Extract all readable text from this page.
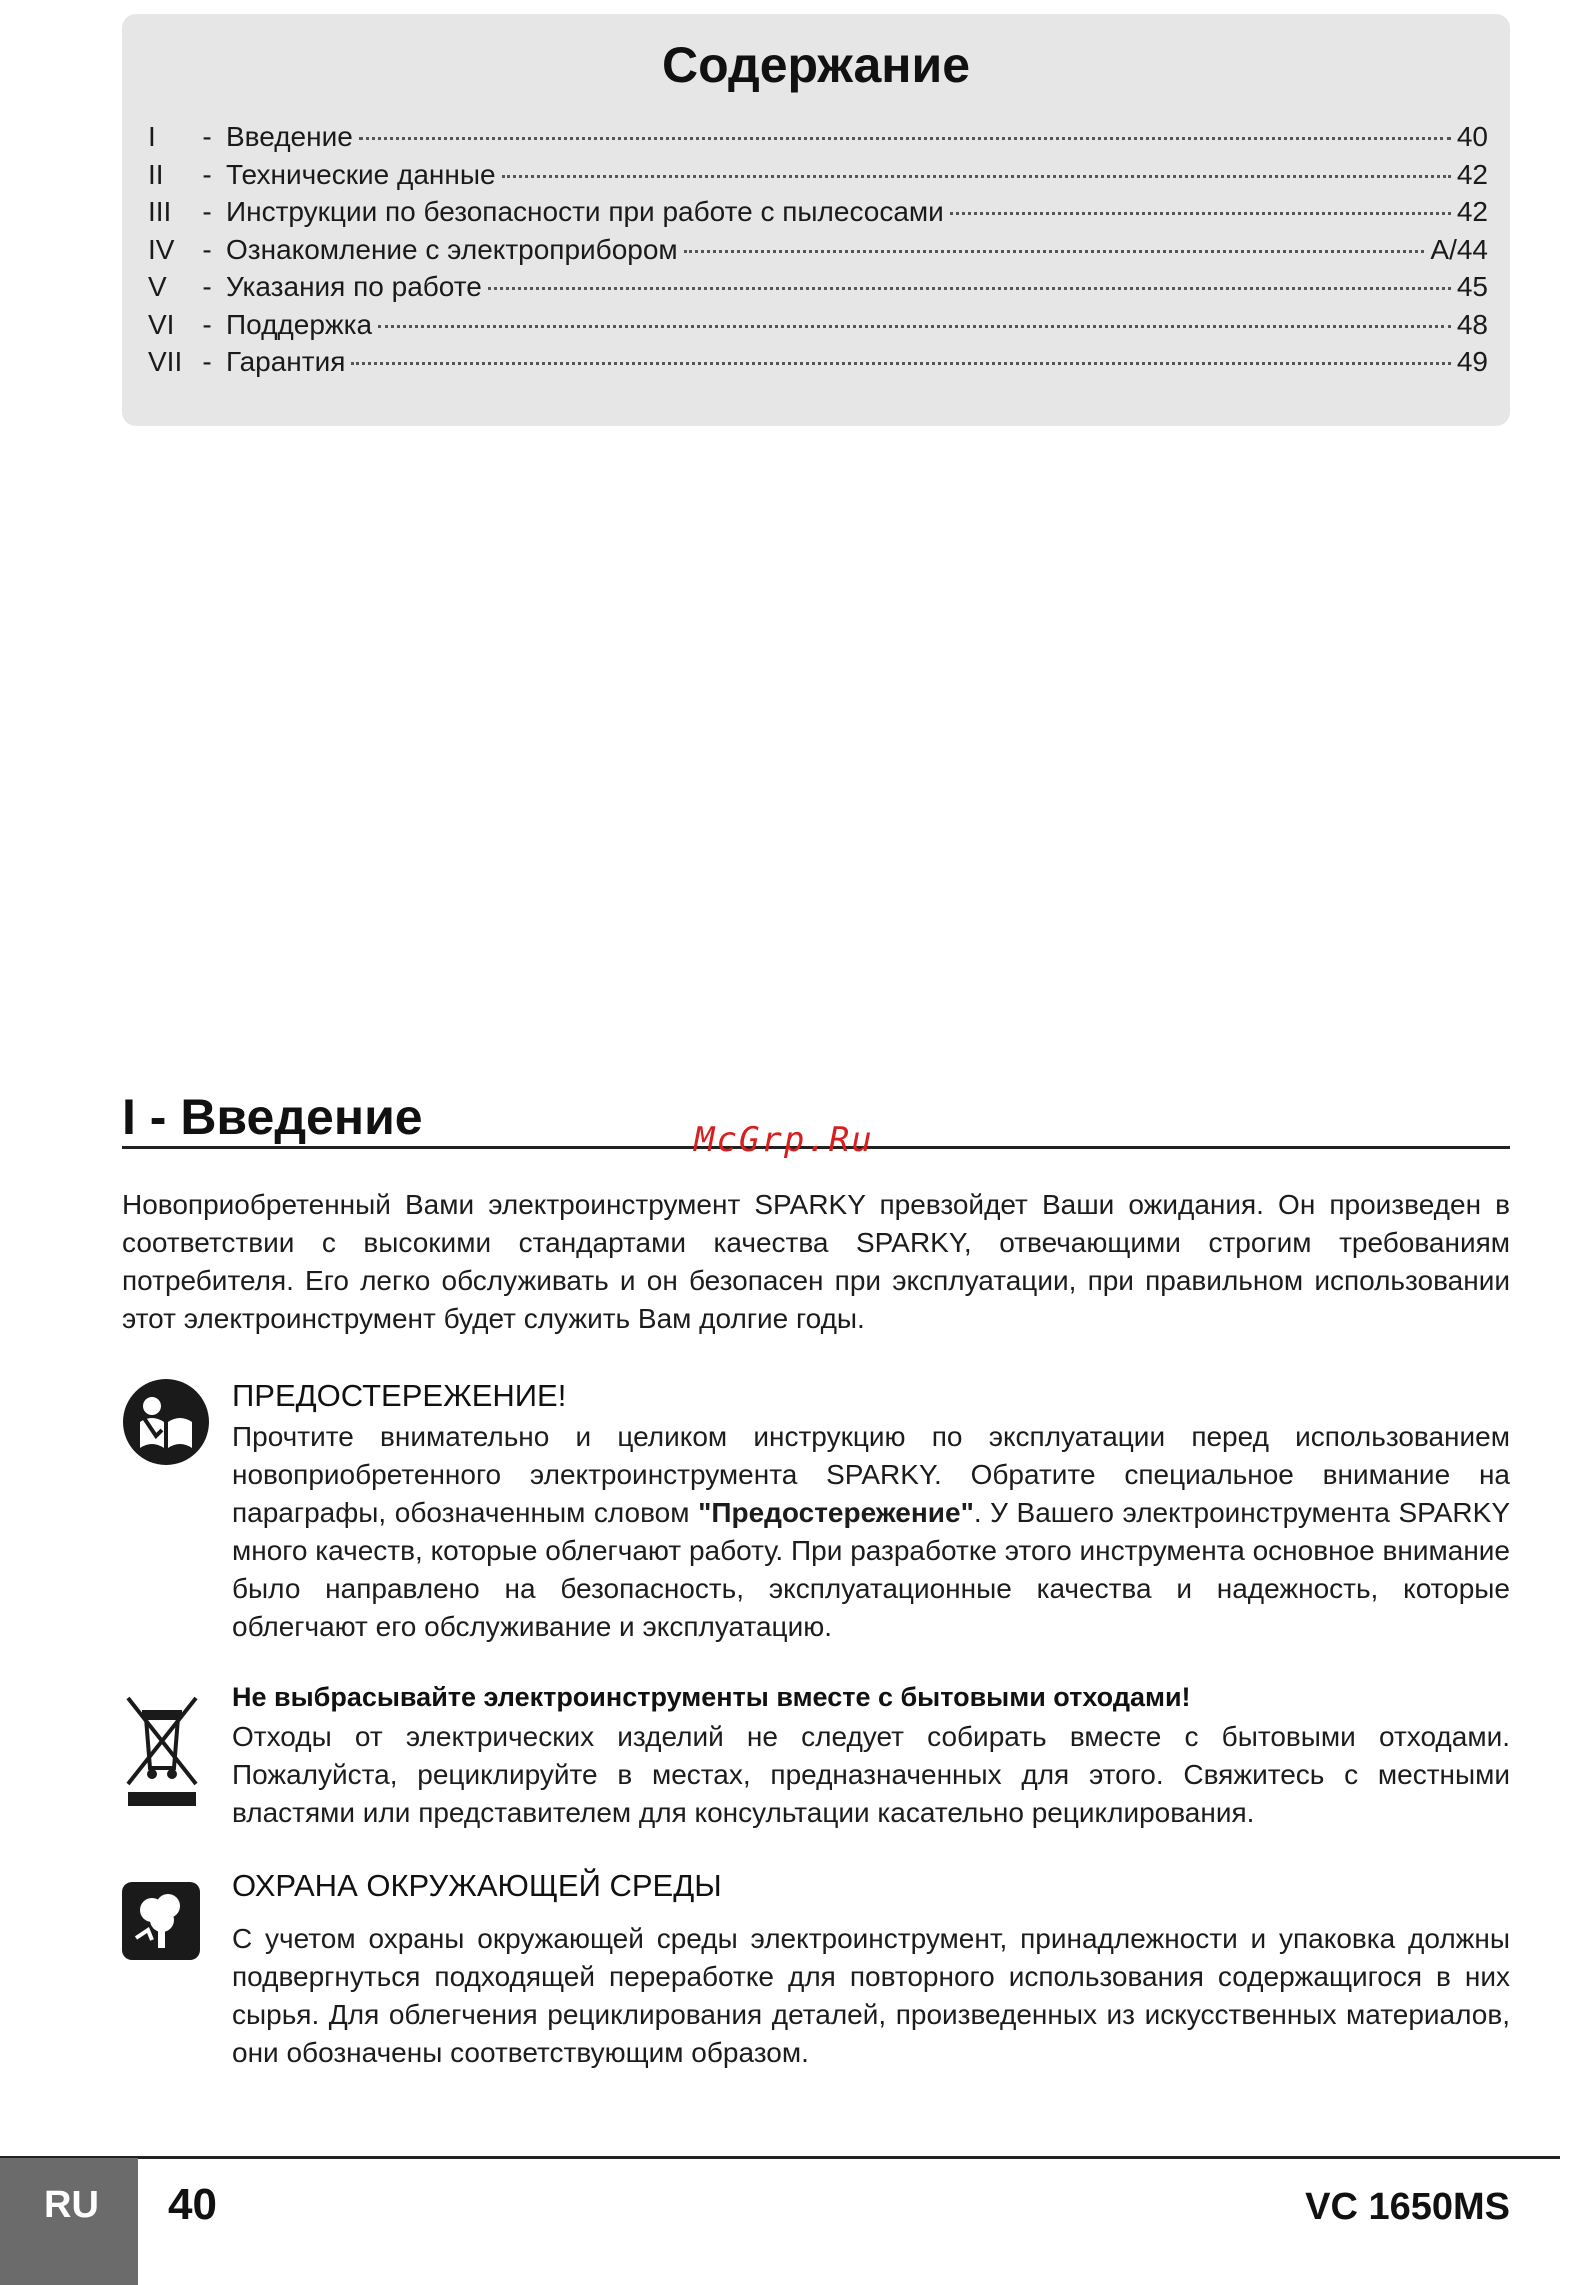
Содержание
I	- Введение	40
II	- Технические данные	42
III	- Инструкции по безопасности при работе с пылесосами	42
IV - Ознакомление с электроприбором	A/44
V	- Указания по работе	45
VI - Поддержка	48
VII - Гарантия	49
I - Введение	McGrp.Ru
Новоприобретенный Вами электроинструмент SPARKY превзойдет Ваши ожидания. Он произведен в соответствии с высокими стандартами качества SPARKY, отвечающими строгим требованиям потребителя. Его легко обслуживать и он безопасен при эксплуатации, при правильном использовании этот электроинструмент будет служить Вам долгие годы.
ПРЕДОСТЕРЕЖЕНИЕ!
Прочтите внимательно и целиком инструкцию по эксплуатации перед использованием новоприобретенного электроинструмента SPARKY. Обратите специальное внимание на параграфы, обозначенным словом "Предостережение". У Вашего электроинструмента SPARKY много качеств, которые облегчают работу. При разработке этого инструмента основное внимание было направлено на безопасность, эксплуатационные качества и надежность, которые облегчают его обслуживание и эксплуатацию.
Не выбрасывайте электроинструменты вместе с бытовыми отходами!
Отходы от электрических изделий не следует собирать вместе с бытовыми отходами. Пожалуйста, рециклируйте в местах, предназначенных для этого. Свяжитесь с местными властями или представителем для консультации касательно рециклирования.
ОХРАНА ОКРУЖАЮЩЕЙ СРЕДЫ
С учетом охраны окружающей среды электроинструмент, принадлежности и упаковка должны подвергнуться подходящей переработке для повторного использования содержащигося в них сырья. Для облегчения рециклирования деталей, произведенных из искусственных материалов, они обозначены соответствующим образом.
RU 40	VC 1650MS
